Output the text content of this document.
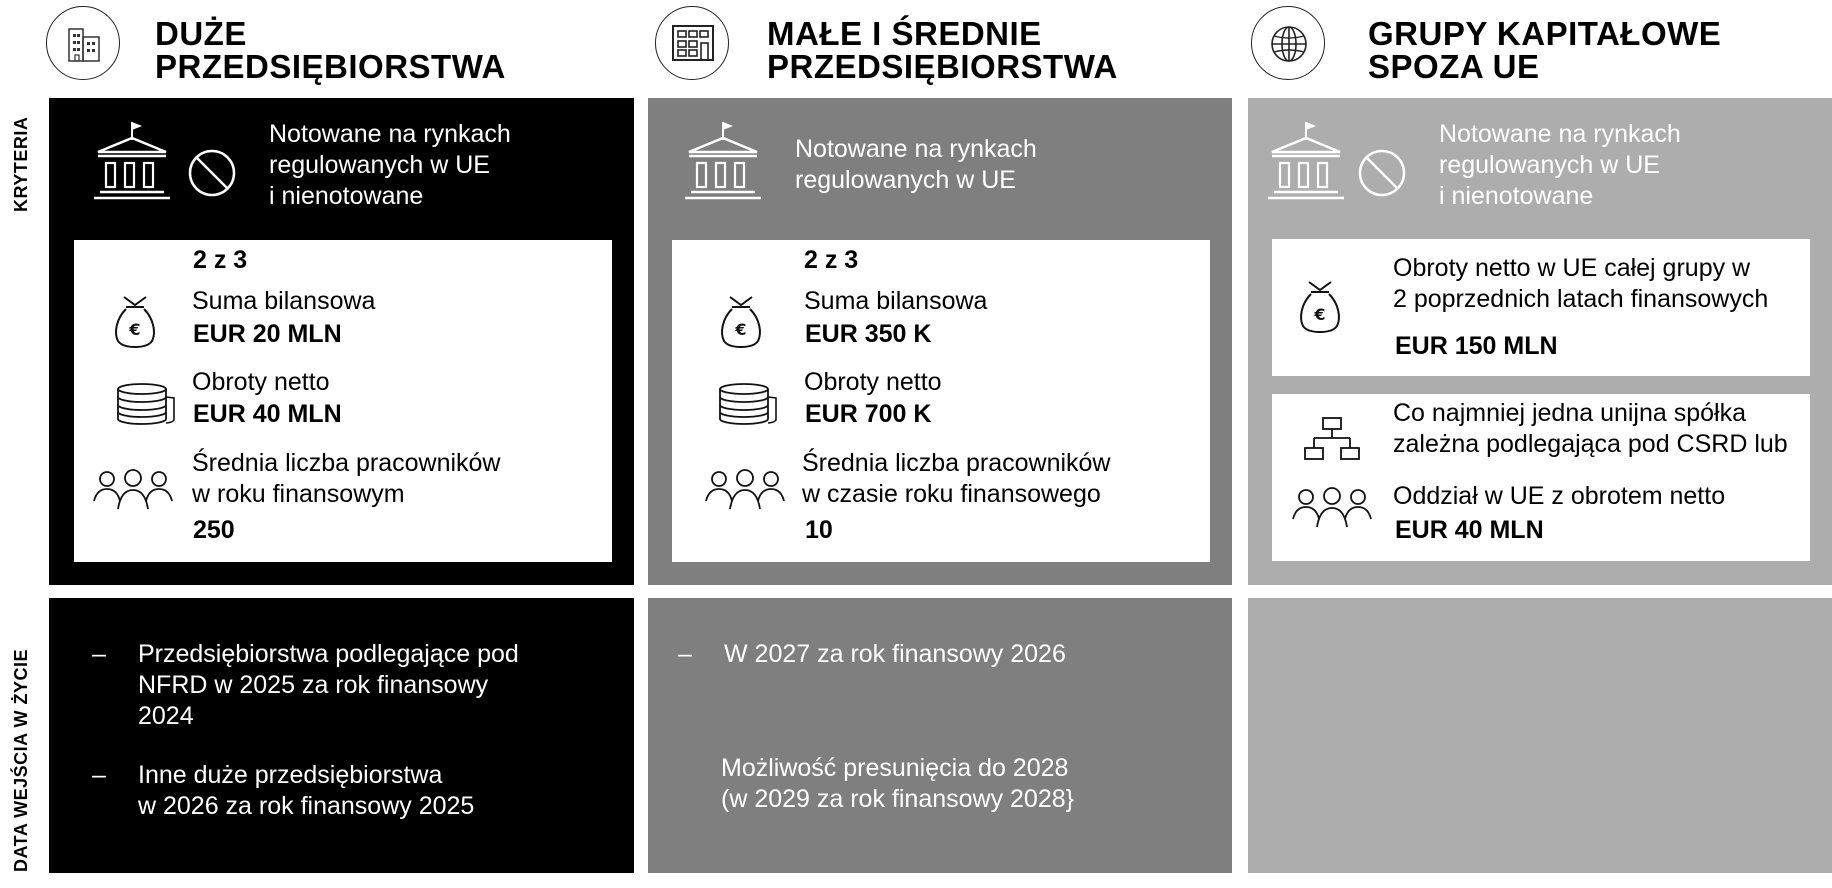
DUŻE
PRZEDSIĘBIORSTWA
MAŁE I ŚREDNIE
PRZEDSIĘBIORSTWA
GRUPY KAPITAŁOWE
SPOZA UE
KRYTERIA
DATA WEJŚCIA W ŻYCIE
Notowane na rynkach
regulowanych w UE
i nienotowane
2 z 3
€
Suma bilansowa
EUR 20 MLN
Obroty netto
EUR 40 MLN
Średnia liczba pracowników
w roku finansowym
250
– Przedsiębiorstwa podlegające pod
NFRD w 2025 za rok finansowy
2024
– Inne duże przedsiębiorstwa
w 2026 za rok finansowy 2025
Notowane na rynkach
regulowanych w UE
2 z 3
€
Suma bilansowa
EUR 350 K
Obroty netto
EUR 700 K
Średnia liczba pracowników
w czasie roku finansowego
10
– W 2027 za rok finansowy 2026
Możliwość presunięcia do 2028
(w 2029 za rok finansowy 2028}
Notowane na rynkach
regulowanych w UE
i nienotowane
€
Obroty netto w UE całej grupy w
2 poprzednich latach finansowych
EUR 150 MLN
Co najmniej jedna unijna spółka
zależna podlegająca pod CSRD lub
Oddział w UE z obrotem netto
EUR 40 MLN
